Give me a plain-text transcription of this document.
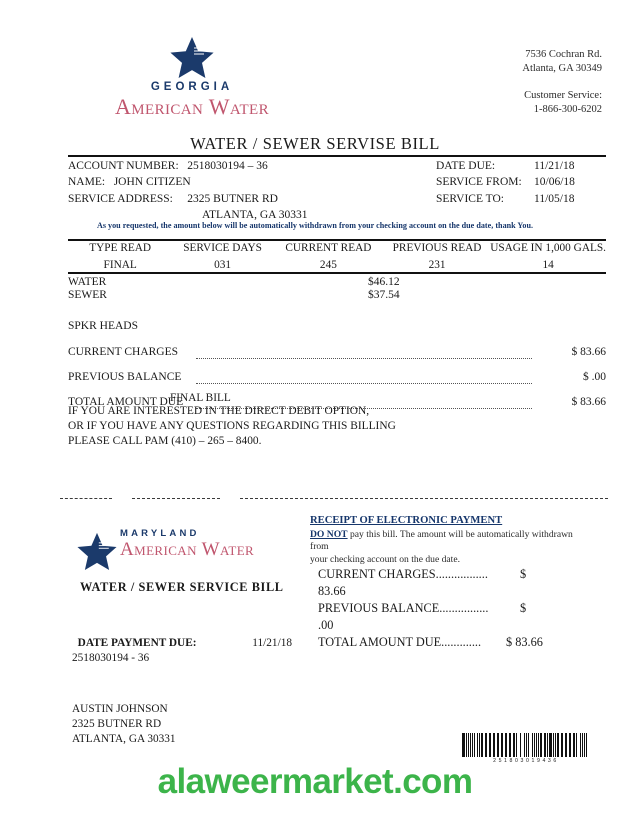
GEORGIA
American Water
7536 Cochran Rd.
Atlanta, GA 30349
Customer Service:
1-866-300-6202
WATER / SEWER SERVISE BILL
ACCOUNT NUMBER: 2518030194 – 36	DATE DUE:	11/21/18
NAME: JOHN CITIZEN	SERVICE FROM: 10/06/18
SERVICE ADDRESS: 2325 BUTNER RD	SERVICE TO:	11/05/18
ATLANTA, GA 30331
As you requested, the amount below will be automatically withdrawn from your checking account on the due date, thank You.
TYPE READ	SERVICE DAYS	CURRENT READ	PREVIOUS READ	USAGE IN 1,000 GALS.
FINAL	031	245	231	14
WATER	$46.12
SEWER	$37.54
SPKR HEADS
CURRENT CHARGES	$ 83.66
PREVIOUS BALANCE	$ .00
TOTAL AMOUNT DUE	$ 83.66
FINAL BILL
IF YOU ARE INTERESTED IN THE DIRECT DEBIT OPTION,
OR IF YOU HAVE ANY QUESTIONS REGARDING THIS BILLING
PLEASE CALL PAM (410) – 265 – 8400.
MARYLAND
American Water
WATER / SEWER SERVICE BILL
11/21/18
DATE PAYMENT DUE:
2518030194 - 36
AUSTIN JOHNSON
2325 BUTNER RD
ATLANTA, GA 30331
RECEIPT OF ELECTRONIC PAYMENT
DO NOT pay this bill. The amount will be automatically withdrawn from
your checking account on the due date.
CURRENT CHARGES.................	$
83.66
PREVIOUS BALANCE................	$
.00
TOTAL AMOUNT DUE............. $ 83.66
251803019436
alaweermarket.com
